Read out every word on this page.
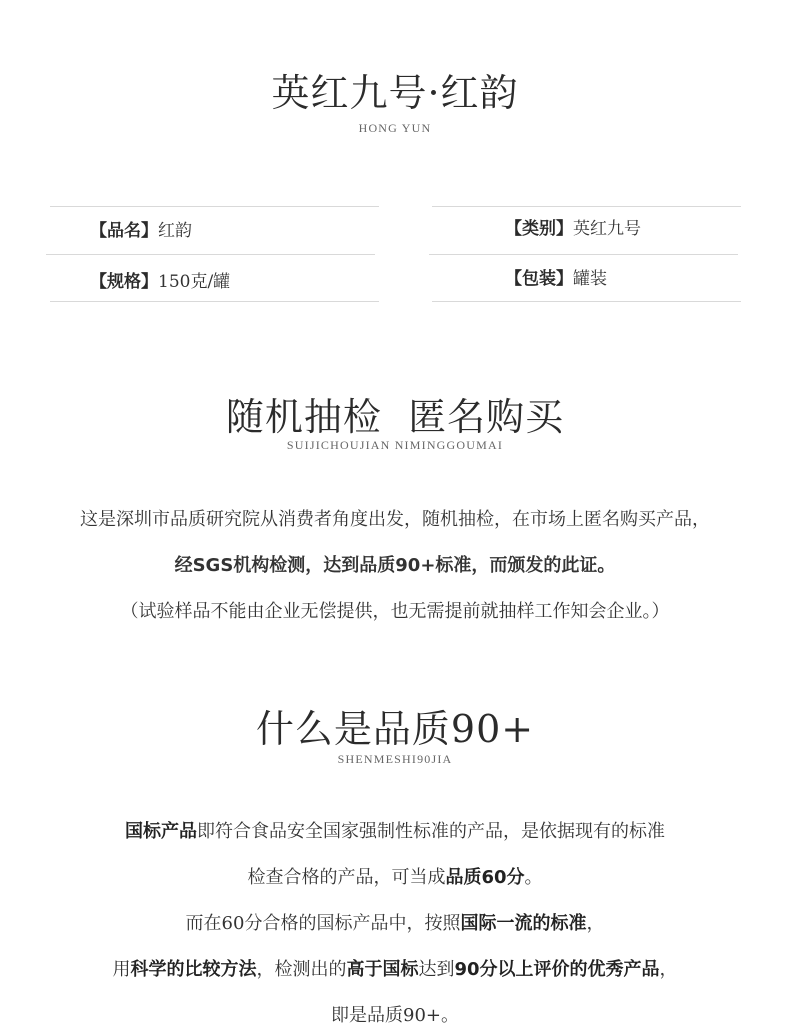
英红九号·红韵
HONG YUN
【品名】红韵	【类别】英红九号
【规格】150克/罐	【包装】罐装
随机抽检  匿名购买
SUIJICHOUJIAN NIMINGGOUMAI
这是深圳市品质研究院从消费者角度出发，随机抽检，在市场上匿名购买产品，
经SGS机构检测，达到品质90+标准，而颁发的此证。
（试验样品不能由企业无偿提供，也无需提前就抽样工作知会企业。）
什么是品质90+
SHENMESHI90JIA
国标产品即符合食品安全国家强制性标准的产品，是依据现有的标准
检查合格的产品，可当成品质60分。
而在60分合格的国标产品中，按照国际一流的标准，
用科学的比较方法，检测出的高于国标达到90分以上评价的优秀产品，
即是品质90+。
